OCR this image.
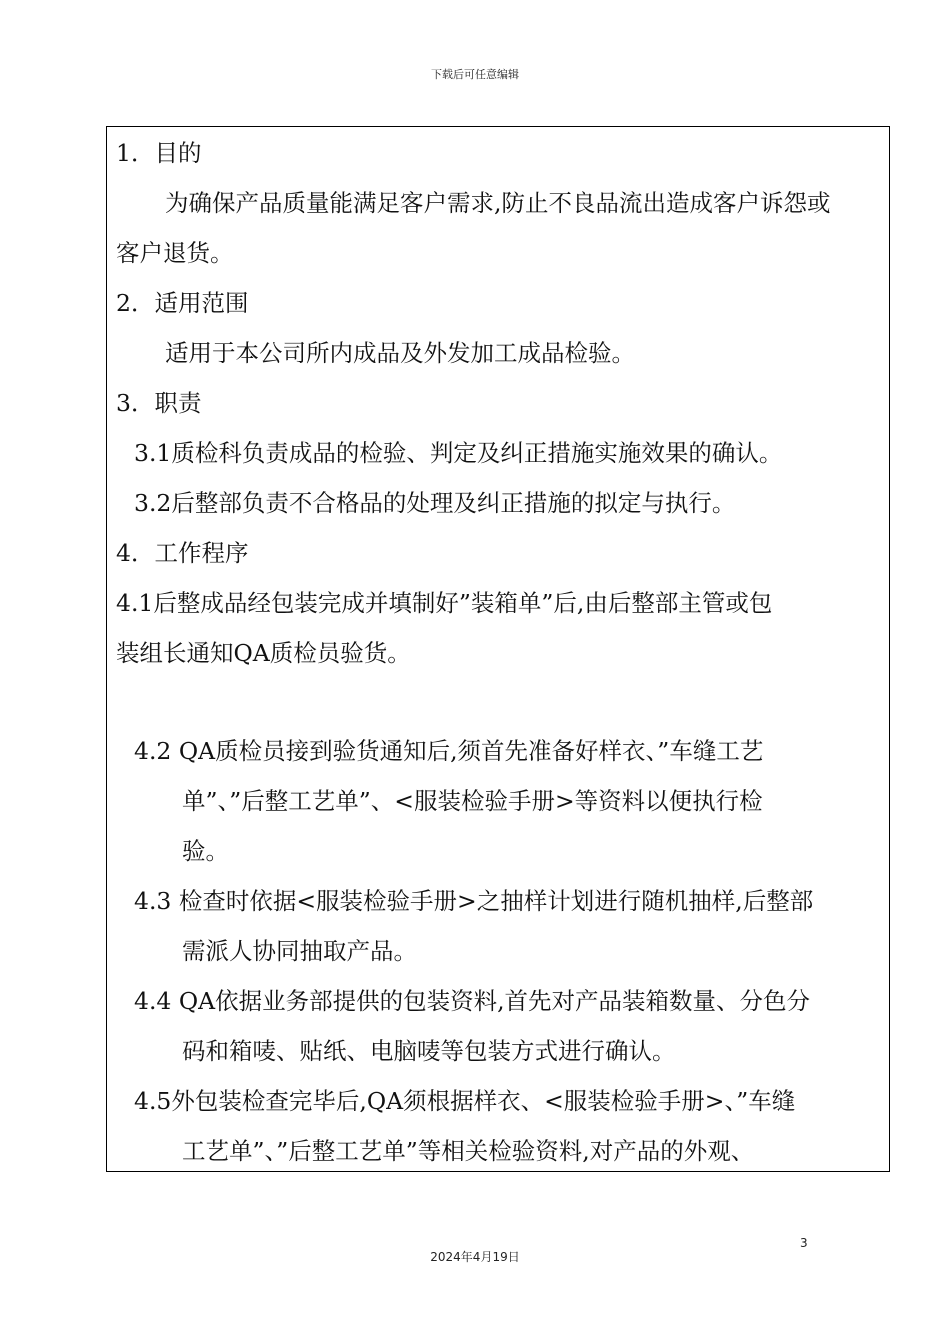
下载后可任意编辑
1．目的
为确保产品质量能满足客户需求,防止不良品流出造成客户诉怨或
客户退货。
2．适用范围
适用于本公司所内成品及外发加工成品检验。
3．职责
3.1质检科负责成品的检验、判定及纠正措施实施效果的确认。
3.2后整部负责不合格品的处理及纠正措施的拟定与执行。
4．工作程序
4.1后整成品经包装完成并填制好”装箱单”后,由后整部主管或包
装组长通知QA质检员验货。
4.2 QA质检员接到验货通知后,须首先准备好样衣、”车缝工艺
单”、”后整工艺单”、<服装检验手册>等资料以便执行检
验。
4.3 检查时依据<服装检验手册>之抽样计划进行随机抽样,后整部
需派人协同抽取产品。
4.4 QA依据业务部提供的包装资料,首先对产品装箱数量、分色分
码和箱唛、贴纸、电脑唛等包装方式进行确认。
4.5外包装检查完毕后,QA须根据样衣、<服装检验手册>、”车缝
工艺单”、”后整工艺单”等相关检验资料,对产品的外观、
3
2024年4月19日
